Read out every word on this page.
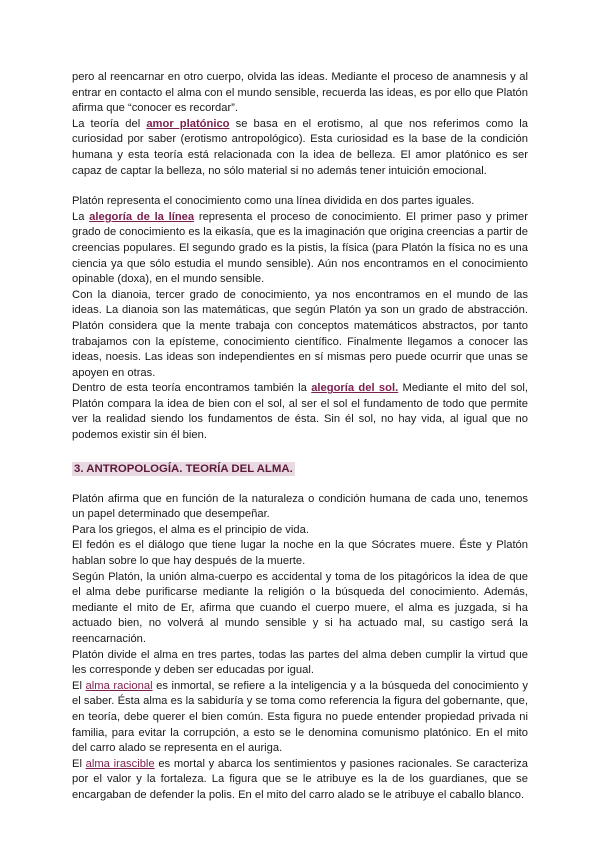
pero al reencarnar en otro cuerpo, olvida las ideas. Mediante el proceso de anamnesis y al entrar en contacto el alma con el mundo sensible, recuerda las ideas, es por ello que Platón afirma que “conocer es recordar”.

La teoría del amor platónico se basa en el erotismo, al que nos referimos como la curiosidad por saber (erotismo antropológico). Esta curiosidad es la base de la condición humana y esta teoría está relacionada con la idea de belleza. El amor platónico es ser capaz de captar la belleza, no sólo material si no además tener intuición emocional.

Platón representa el conocimiento como una línea dividida en dos partes iguales.

La alegoría de la línea representa el proceso de conocimiento. El primer paso y primer grado de conocimiento es la eikasía, que es la imaginación que origina creencias a partir de creencias populares. El segundo grado es la pistis, la física (para Platón la física no es una ciencia ya que sólo estudia el mundo sensible). Aún nos encontramos en el conocimiento opinable (doxa), en el mundo sensible.

Con la dianoia, tercer grado de conocimiento, ya nos encontramos en el mundo de las ideas. La dianoia son las matemáticas, que según Platón ya son un grado de abstracción. Platón considera que la mente trabaja con conceptos matemáticos abstractos, por tanto trabajamos con la epísteme, conocimiento científico. Finalmente llegamos a conocer las ideas, noesis. Las ideas son independientes en sí mismas pero puede ocurrir que unas se apoyen en otras.

Dentro de esta teoría encontramos también la alegoría del sol. Mediante el mito del sol, Platón compara la idea de bien con el sol, al ser el sol el fundamento de todo que permite ver la realidad siendo los fundamentos de ésta. Sin él sol, no hay vida, al igual que no podemos existir sin él bien.

3. ANTROPOLOGÍA. TEORÍA DEL ALMA.

Platón afirma que en función de la naturaleza o condición humana de cada uno, tenemos un papel determinado que desempeñar.

Para los griegos, el alma es el principio de vida.

El fedón es el diálogo que tiene lugar la noche en la que Sócrates muere. Éste y Platón hablan sobre lo que hay después de la muerte.

Según Platón, la unión alma-cuerpo es accidental y toma de los pitagóricos la idea de que el alma debe purificarse mediante la religión o la búsqueda del conocimiento. Además, mediante el mito de Er, afirma que cuando el cuerpo muere, el alma es juzgada, si ha actuado bien, no volverá al mundo sensible y si ha actuado mal, su castigo será la reencarnación.

Platón divide el alma en tres partes, todas las partes del alma deben cumplir la virtud que les corresponde y deben ser educadas por igual.

El alma racional es inmortal, se refiere a la inteligencia y a la búsqueda del conocimiento y el saber. Ésta alma es la sabiduría y se toma como referencia la figura del gobernante, que, en teoría, debe querer el bien común. Esta figura no puede entender propiedad privada ni familia, para evitar la corrupción, a esto se le denomina comunismo platónico. En el mito del carro alado se representa en el auriga.

El alma irascible es mortal y abarca los sentimientos y pasiones racionales. Se caracteriza por el valor y la fortaleza. La figura que se le atribuye es la de los guardianes, que se encargaban de defender la polis. En el mito del carro alado se le atribuye el caballo blanco.
